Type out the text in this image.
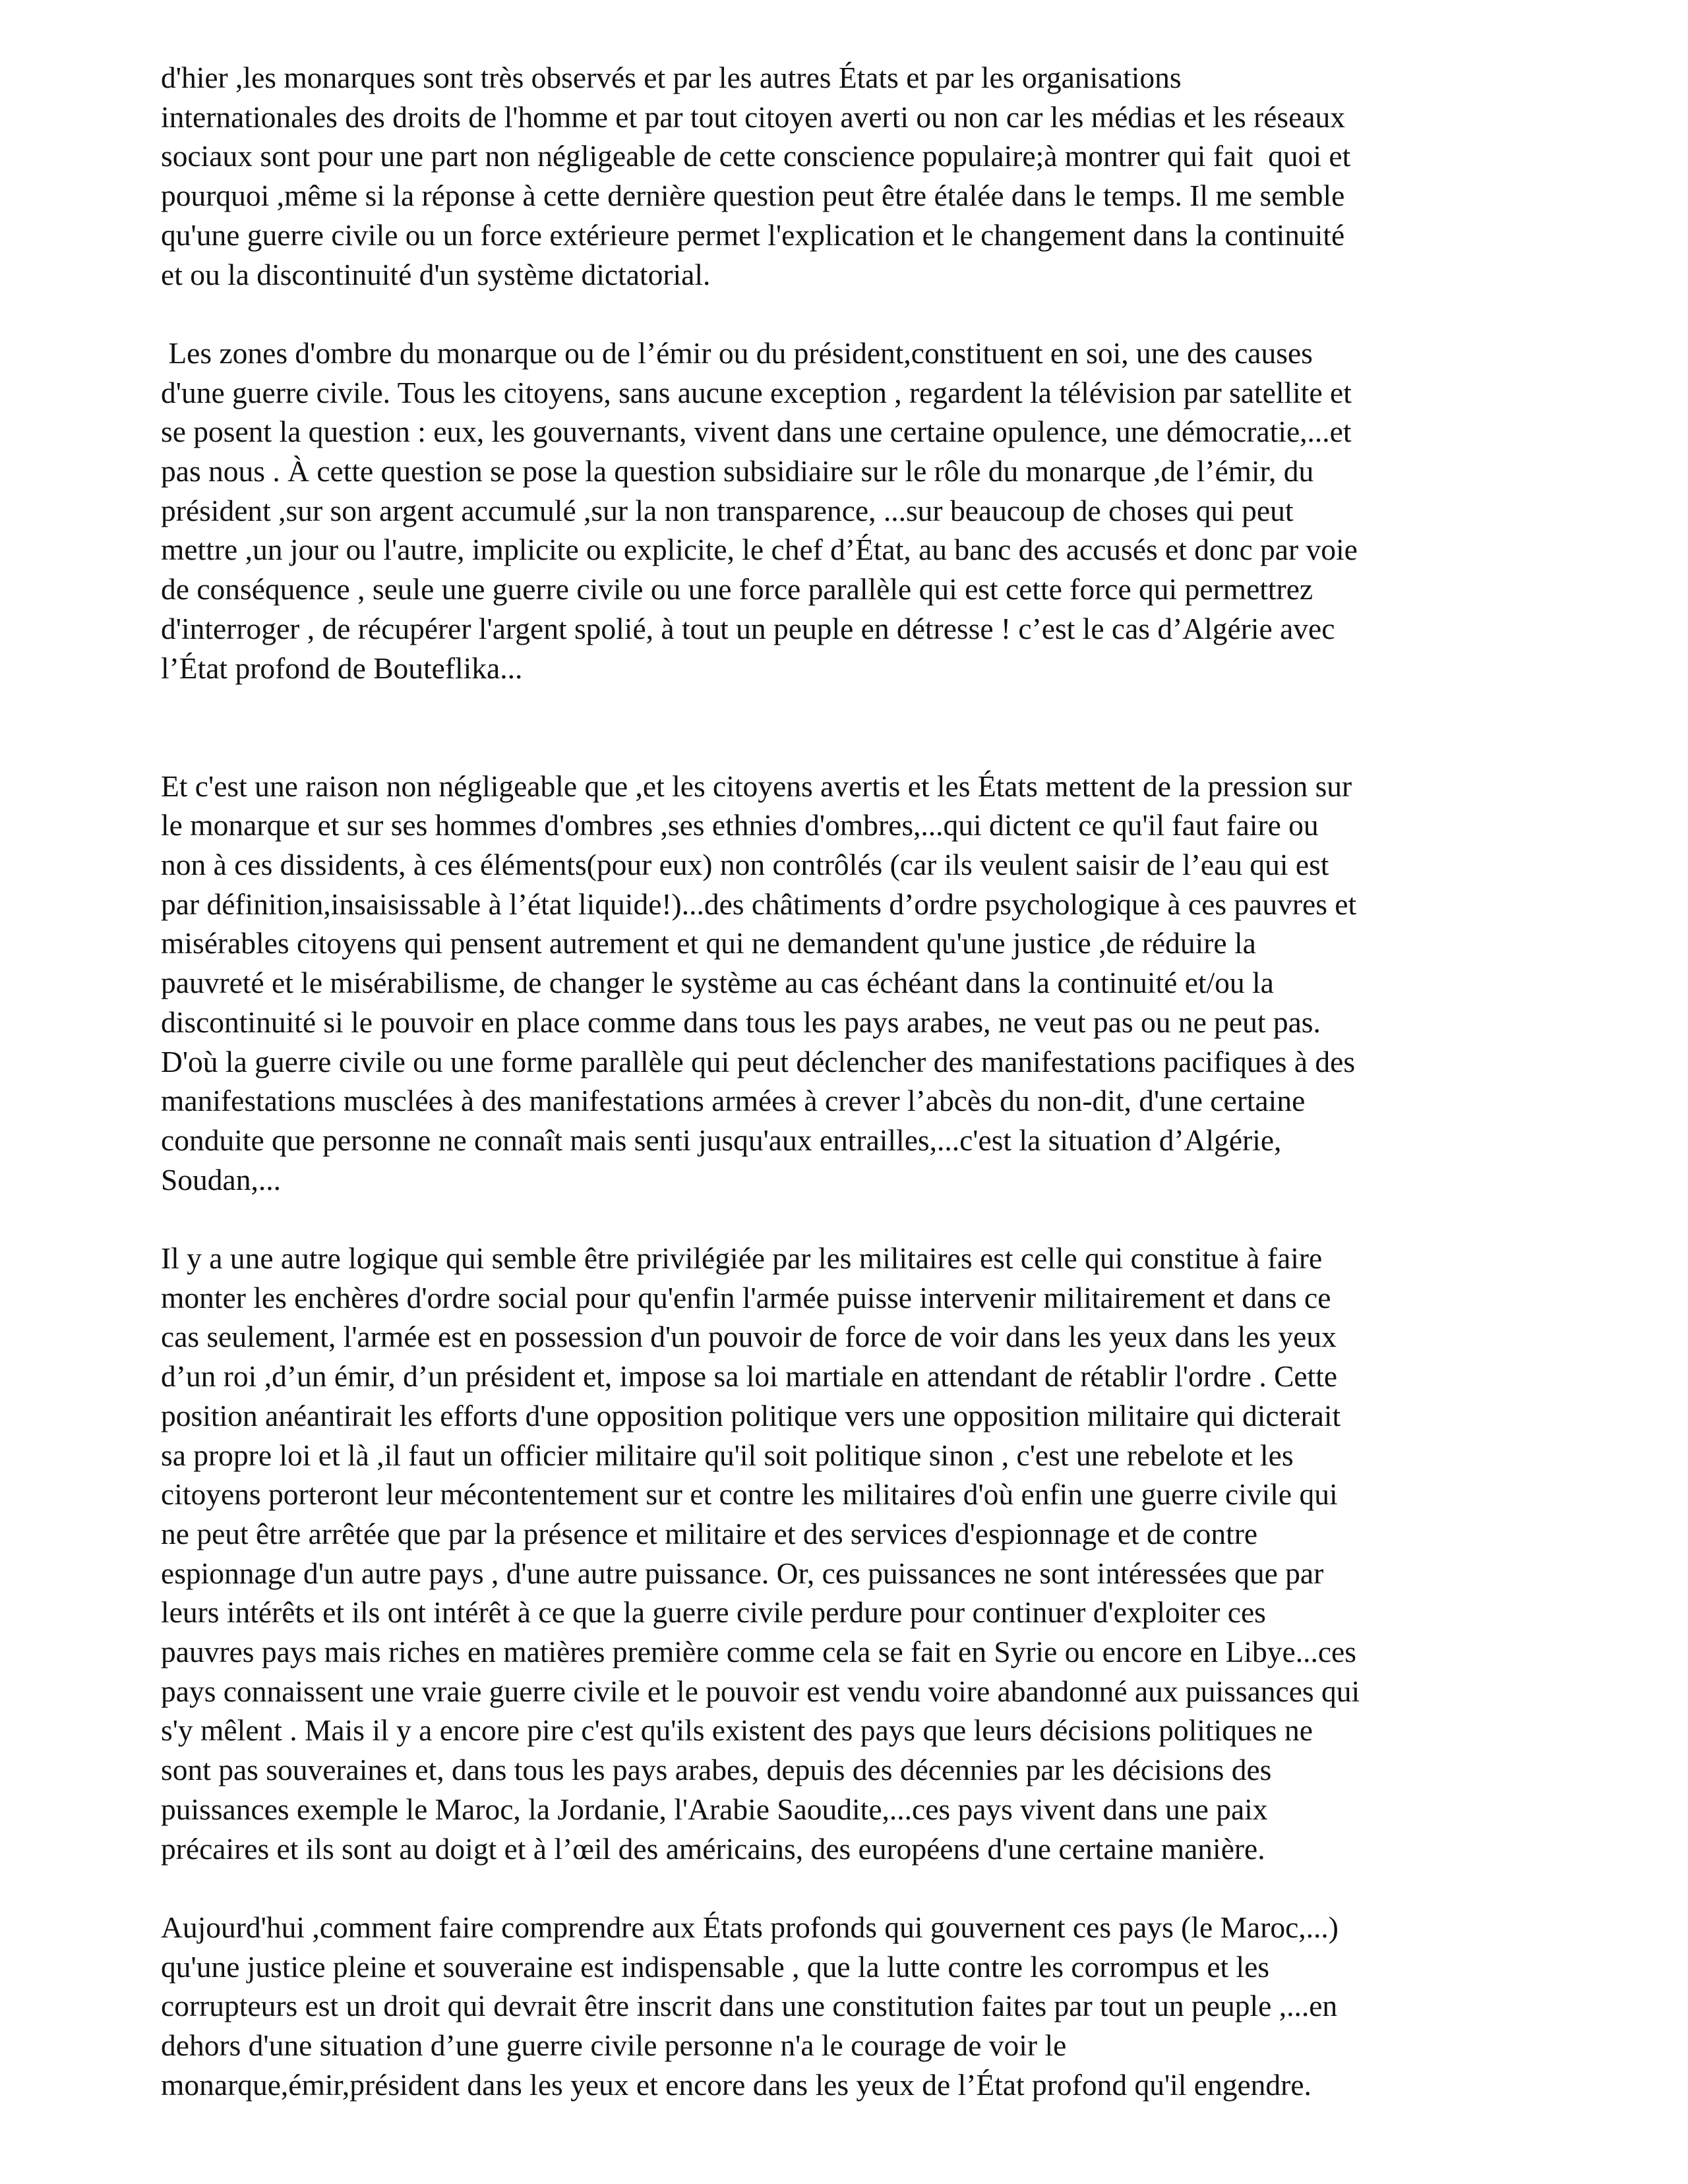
d'hier ,les monarques sont très observés et par les autres États et par les organisations
internationales des droits de l'homme et par tout citoyen averti ou non car les médias et les réseaux
sociaux sont pour une part non négligeable de cette conscience populaire;à montrer qui fait  quoi et
pourquoi ,même si la réponse à cette dernière question peut être étalée dans le temps. Il me semble
qu'une guerre civile ou un force extérieure permet l'explication et le changement dans la continuité
et ou la discontinuité d'un système dictatorial.

Les zones d'ombre du monarque ou de l’émir ou du président,constituent en soi, une des causes
d'une guerre civile. Tous les citoyens, sans aucune exception , regardent la télévision par satellite et
se posent la question : eux, les gouvernants, vivent dans une certaine opulence, une démocratie,...et
pas nous . À cette question se pose la question subsidiaire sur le rôle du monarque ,de l’émir, du
président ,sur son argent accumulé ,sur la non transparence, ...sur beaucoup de choses qui peut
mettre ,un jour ou l'autre, implicite ou explicite, le chef d’État, au banc des accusés et donc par voie
de conséquence , seule une guerre civile ou une force parallèle qui est cette force qui permettrez
d'interroger , de récupérer l'argent spolié, à tout un peuple en détresse ! c’est le cas d’Algérie avec
l’État profond de Bouteflika...

Et c'est une raison non négligeable que ,et les citoyens avertis et les États mettent de la pression sur
le monarque et sur ses hommes d'ombres ,ses ethnies d'ombres,...qui dictent ce qu'il faut faire ou
non à ces dissidents, à ces éléments(pour eux) non contrôlés (car ils veulent saisir de l’eau qui est
par définition,insaisissable à l’état liquide!)...des châtiments d’ordre psychologique à ces pauvres et
misérables citoyens qui pensent autrement et qui ne demandent qu'une justice ,de réduire la
pauvreté et le misérabilisme, de changer le système au cas échéant dans la continuité et/ou la
discontinuité si le pouvoir en place comme dans tous les pays arabes, ne veut pas ou ne peut pas.
D'où la guerre civile ou une forme parallèle qui peut déclencher des manifestations pacifiques à des
manifestations musclées à des manifestations armées à crever l’abcès du non-dit, d'une certaine
conduite que personne ne connaît mais senti jusqu'aux entrailles,...c'est la situation d’Algérie,
Soudan,...

Il y a une autre logique qui semble être privilégiée par les militaires est celle qui constitue à faire
monter les enchères d'ordre social pour qu'enfin l'armée puisse intervenir militairement et dans ce
cas seulement, l'armée est en possession d'un pouvoir de force de voir dans les yeux dans les yeux
d’un roi ,d’un émir, d’un président et, impose sa loi martiale en attendant de rétablir l'ordre . Cette
position anéantirait les efforts d'une opposition politique vers une opposition militaire qui dicterait
sa propre loi et là ,il faut un officier militaire qu'il soit politique sinon , c'est une rebelote et les
citoyens porteront leur mécontentement sur et contre les militaires d'où enfin une guerre civile qui
ne peut être arrêtée que par la présence et militaire et des services d'espionnage et de contre
espionnage d'un autre pays , d'une autre puissance. Or, ces puissances ne sont intéressées que par
leurs intérêts et ils ont intérêt à ce que la guerre civile perdure pour continuer d'exploiter ces
pauvres pays mais riches en matières première comme cela se fait en Syrie ou encore en Libye...ces
pays connaissent une vraie guerre civile et le pouvoir est vendu voire abandonné aux puissances qui
s'y mêlent . Mais il y a encore pire c'est qu'ils existent des pays que leurs décisions politiques ne
sont pas souveraines et, dans tous les pays arabes, depuis des décennies par les décisions des
puissances exemple le Maroc, la Jordanie, l'Arabie Saoudite,...ces pays vivent dans une paix
précaires et ils sont au doigt et à l’œil des américains, des européens d'une certaine manière.

Aujourd'hui ,comment faire comprendre aux États profonds qui gouvernent ces pays (le Maroc,...)
qu'une justice pleine et souveraine est indispensable , que la lutte contre les corrompus et les
corrupteurs est un droit qui devrait être inscrit dans une constitution faites par tout un peuple ,...en
dehors d'une situation d’une guerre civile personne n'a le courage de voir le
monarque,émir,président dans les yeux et encore dans les yeux de l’État profond qu'il engendre.
